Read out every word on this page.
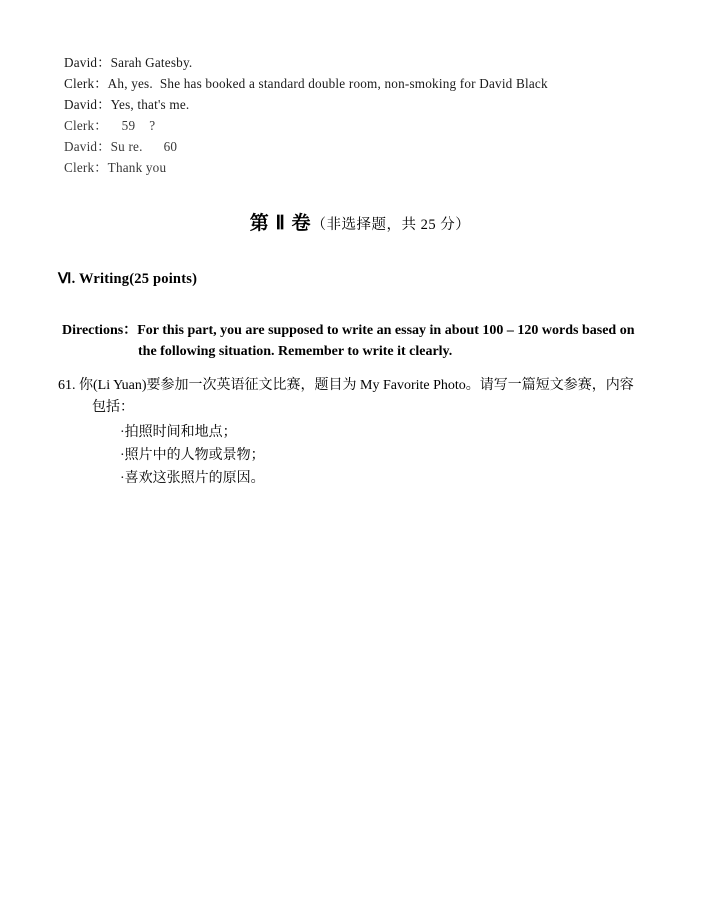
David：Sarah Gatesby.
Clerk：Ah, yes.  She has booked a standard double room, non-smoking for David Black
David：Yes, that's me.
Clerk：    59    ?
David：Su re.      60
Clerk：Thank you
第 Ⅱ 卷（非选择题，共 25 分）
Ⅵ. Writing(25 points)
Directions：For this part, you are supposed to write an essay in about 100 – 120 words based on
the following situation. Remember to write it clearly.
61. 你(Li Yuan)要参加一次英语征文比赛，题目为 My Favorite Photo。请写一篇短文参赛，内容
包括：
·拍照时间和地点；
·照片中的人物或景物；
·喜欢这张照片的原因。
